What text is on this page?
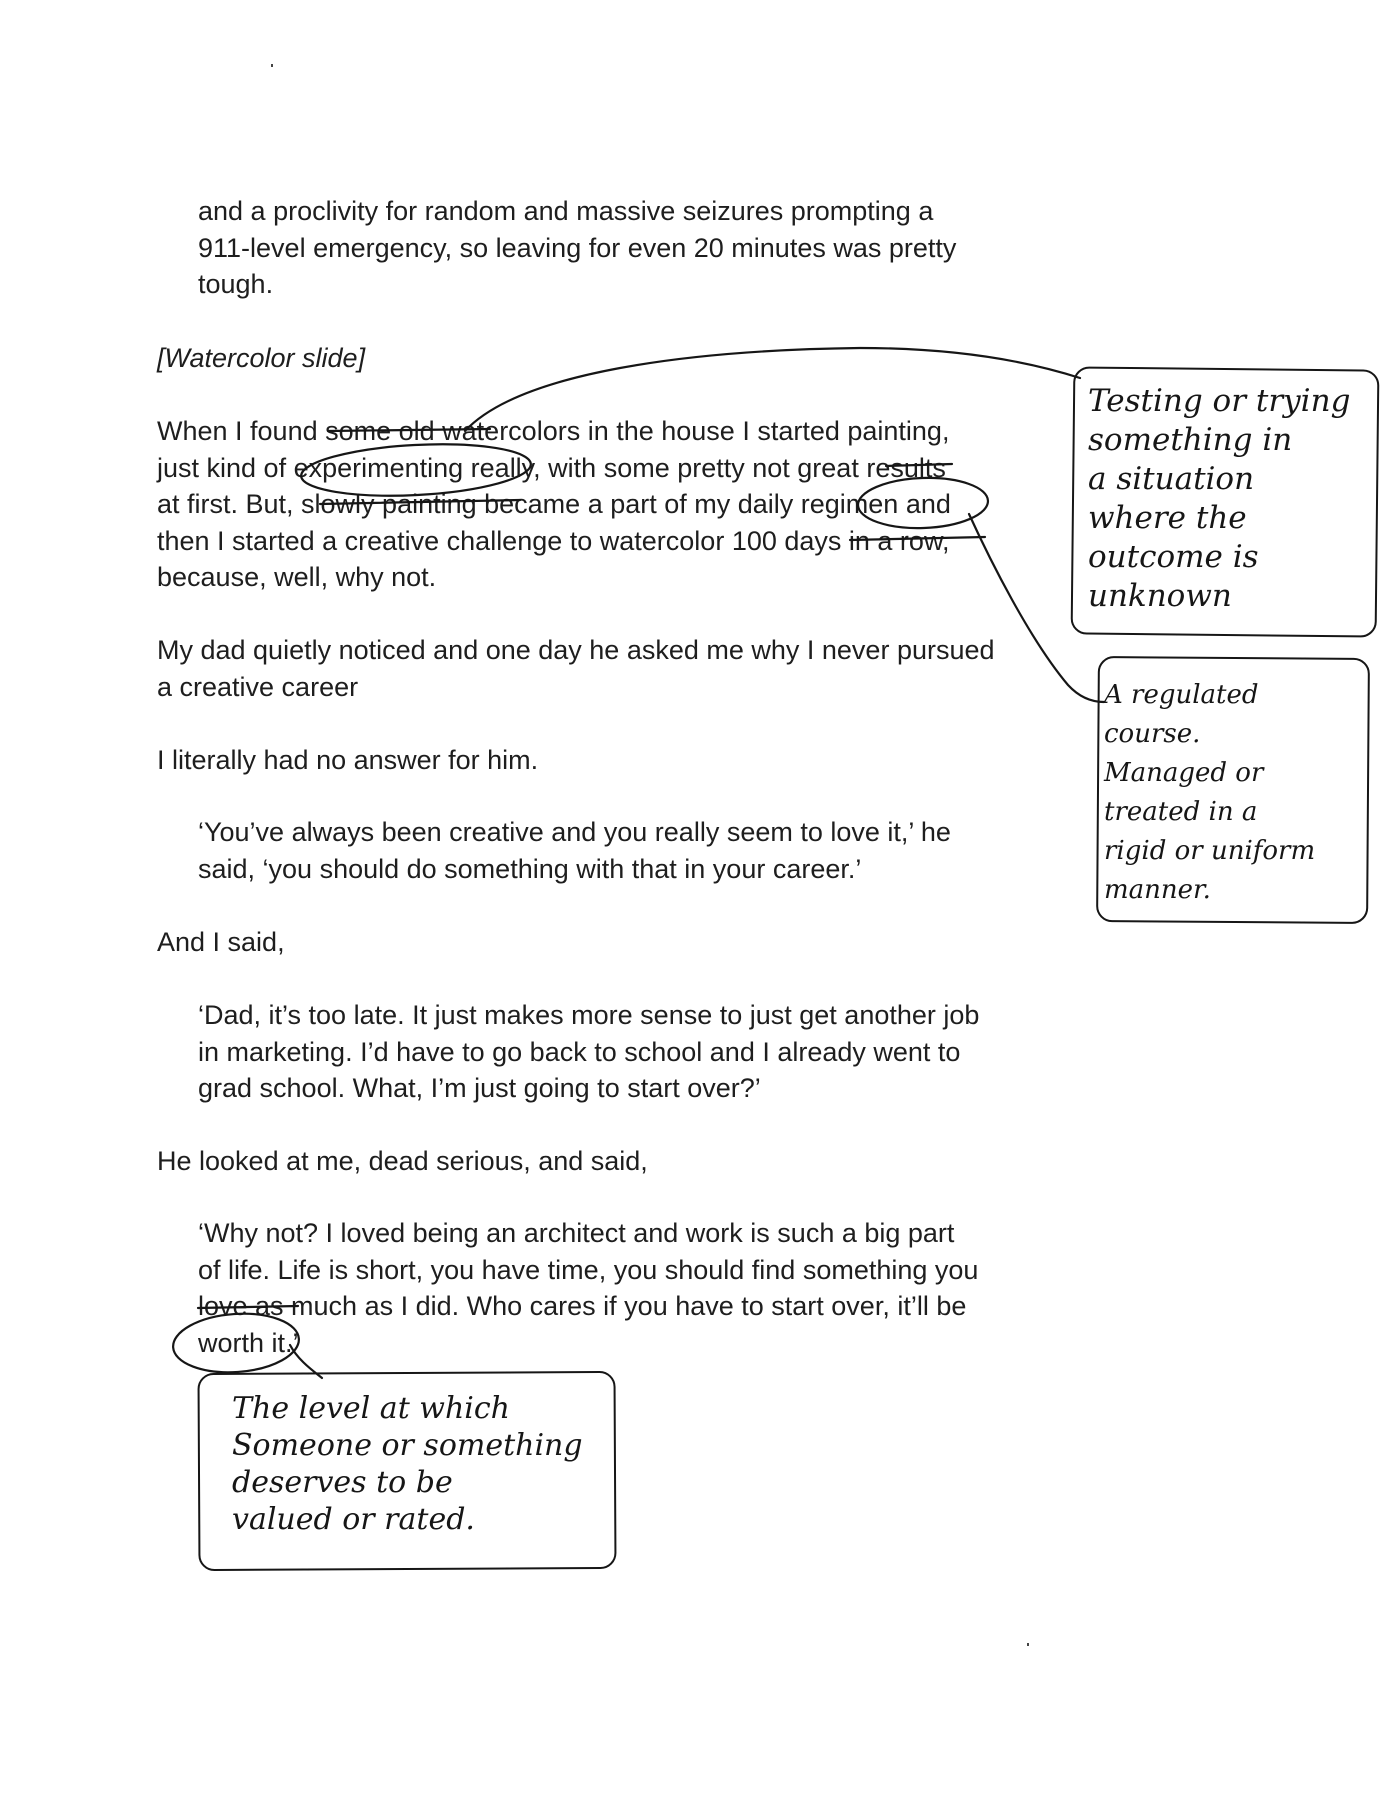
and a proclivity for random and massive seizures prompting a
911-level emergency, so leaving for even 20 minutes was pretty
tough.
[Watercolor slide]
When I found some old watercolors in the house I started painting,
just kind of experimenting really, with some pretty not great results
at first. But, slowly painting became a part of my daily regimen and
then I started a creative challenge to watercolor 100 days in a row,
because, well, why not.
My dad quietly noticed and one day he asked me why I never pursued
a creative career
I literally had no answer for him.
‘You’ve always been creative and you really seem to love it,’ he
said, ‘you should do something with that in your career.’
And I said,
‘Dad, it’s too late. It just makes more sense to just get another job
in marketing. I’d have to go back to school and I already went to
grad school. What, I’m just going to start over?’
He looked at me, dead serious, and said,
‘Why not? I loved being an architect and work is such a big part
of life. Life is short, you have time, you should find something you
love as much as I did. Who cares if you have to start over, it’ll be
worth it.’
Testing or trying
something in
a situation
where the
outcome is
unknown
A regulated
course.
Managed or
treated in a
rigid or uniform
manner.
The level at which
Someone or something
deserves to be
valued or rated.
